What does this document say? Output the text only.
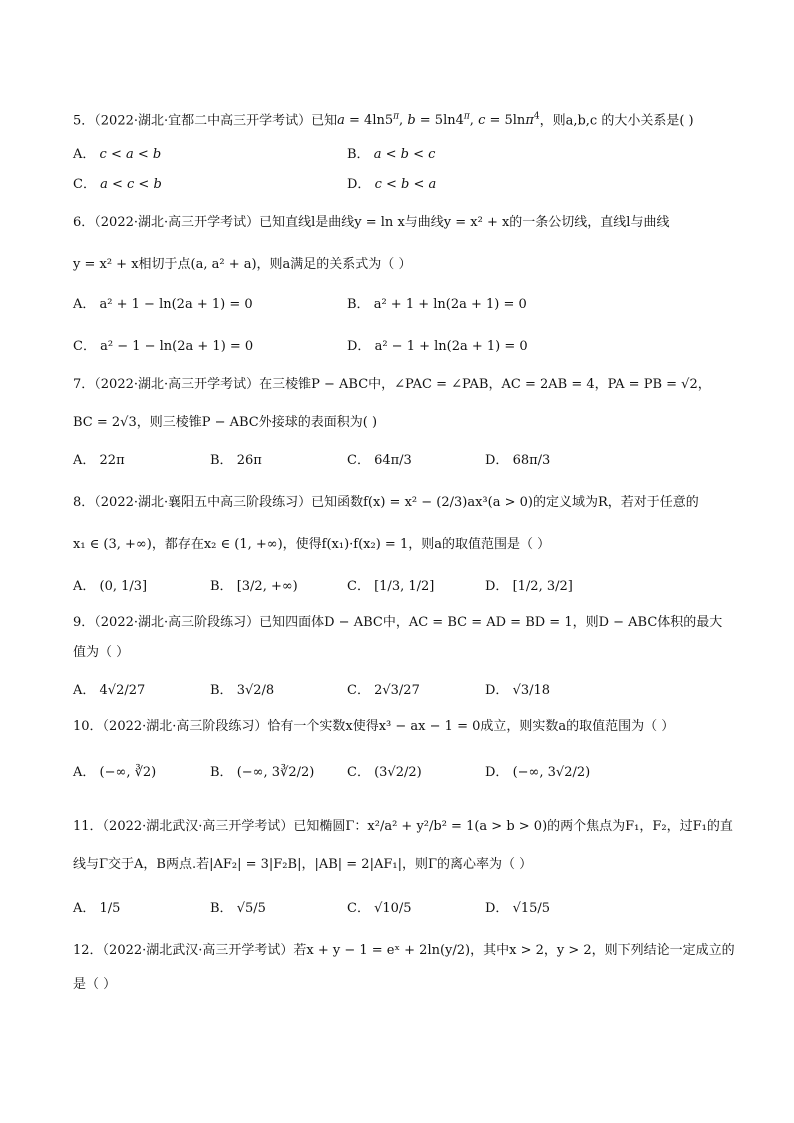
5．（2022·湖北·宜都二中高三开学考试）已知$a = 4\ln 5^\pi$, $b = 5\ln 4^\pi$, c = 5lnπ$^4$，则a,b,c 的大小关系是( )
A． c < a < b	B． a < b < c
C． a < c < b	D． c < b < a
6．（2022·湖北·高三开学考试）已知直线l是曲线y = ln x与曲线y = x² + x的一条公切线，直线l与曲线
y = x² + x相切于点(a, a² + a)，则a满足的关系式为（ ）
A． a² + 1 − ln(2a + 1) = 0	B． a² + 1 + ln(2a + 1) = 0
C． a² − 1 − ln(2a + 1) = 0	D． a² − 1 + ln(2a + 1) = 0
7．（2022·湖北·高三开学考试）在三棱锥P − ABC中，∠PAC = ∠PAB，AC = 2AB = 4，PA = PB = √2，
BC = 2√3，则三棱锥P − ABC外接球的表面积为( )
A． 22π	B． 26π	C． 64π/3	D． 68π/3
8．（2022·湖北·襄阳五中高三阶段练习）已知函数f(x) = x² − (2/3)ax³(a > 0)的定义域为R，若对于任意的
x₁ ∈ (3, +∞)，都存在x₂ ∈ (1, +∞)，使得f(x₁)·f(x₂) = 1，则a的取值范围是（ ）
A． (0, 1/3]	B． [3/2, +∞)	C． [1/3, 1/2]	D． [1/2, 3/2]
9．（2022·湖北·高三阶段练习）已知四面体D − ABC中，AC = BC = AD = BD = 1，则D − ABC体积的最大
值为（ ）
A． 4√2/27	B． 3√2/8	C． 2√3/27	D． √3/18
10．（2022·湖北·高三阶段练习）恰有一个实数x使得x³ − ax − 1 = 0成立，则实数a的取值范围为（ ）
A． (−∞, ∛2)	B． (−∞, 3∛2/2)	C． (3√2/2)	D． (−∞, 3√2/2)
11．（2022·湖北武汉·高三开学考试）已知椭圆Γ：x²/a² + y²/b² = 1(a > b > 0)的两个焦点为F₁，F₂，过F₁的直
线与Γ交于A，B两点.若|AF₂| = 3|F₂B|，|AB| = 2|AF₁|，则Γ的离心率为（ ）
A． 1/5	B． √5/5	C． √10/5	D． √15/5
12．（2022·湖北武汉·高三开学考试）若x + y − 1 = eˣ + 2ln(y/2)，其中x > 2，y > 2，则下列结论一定成立的
是（ ）
